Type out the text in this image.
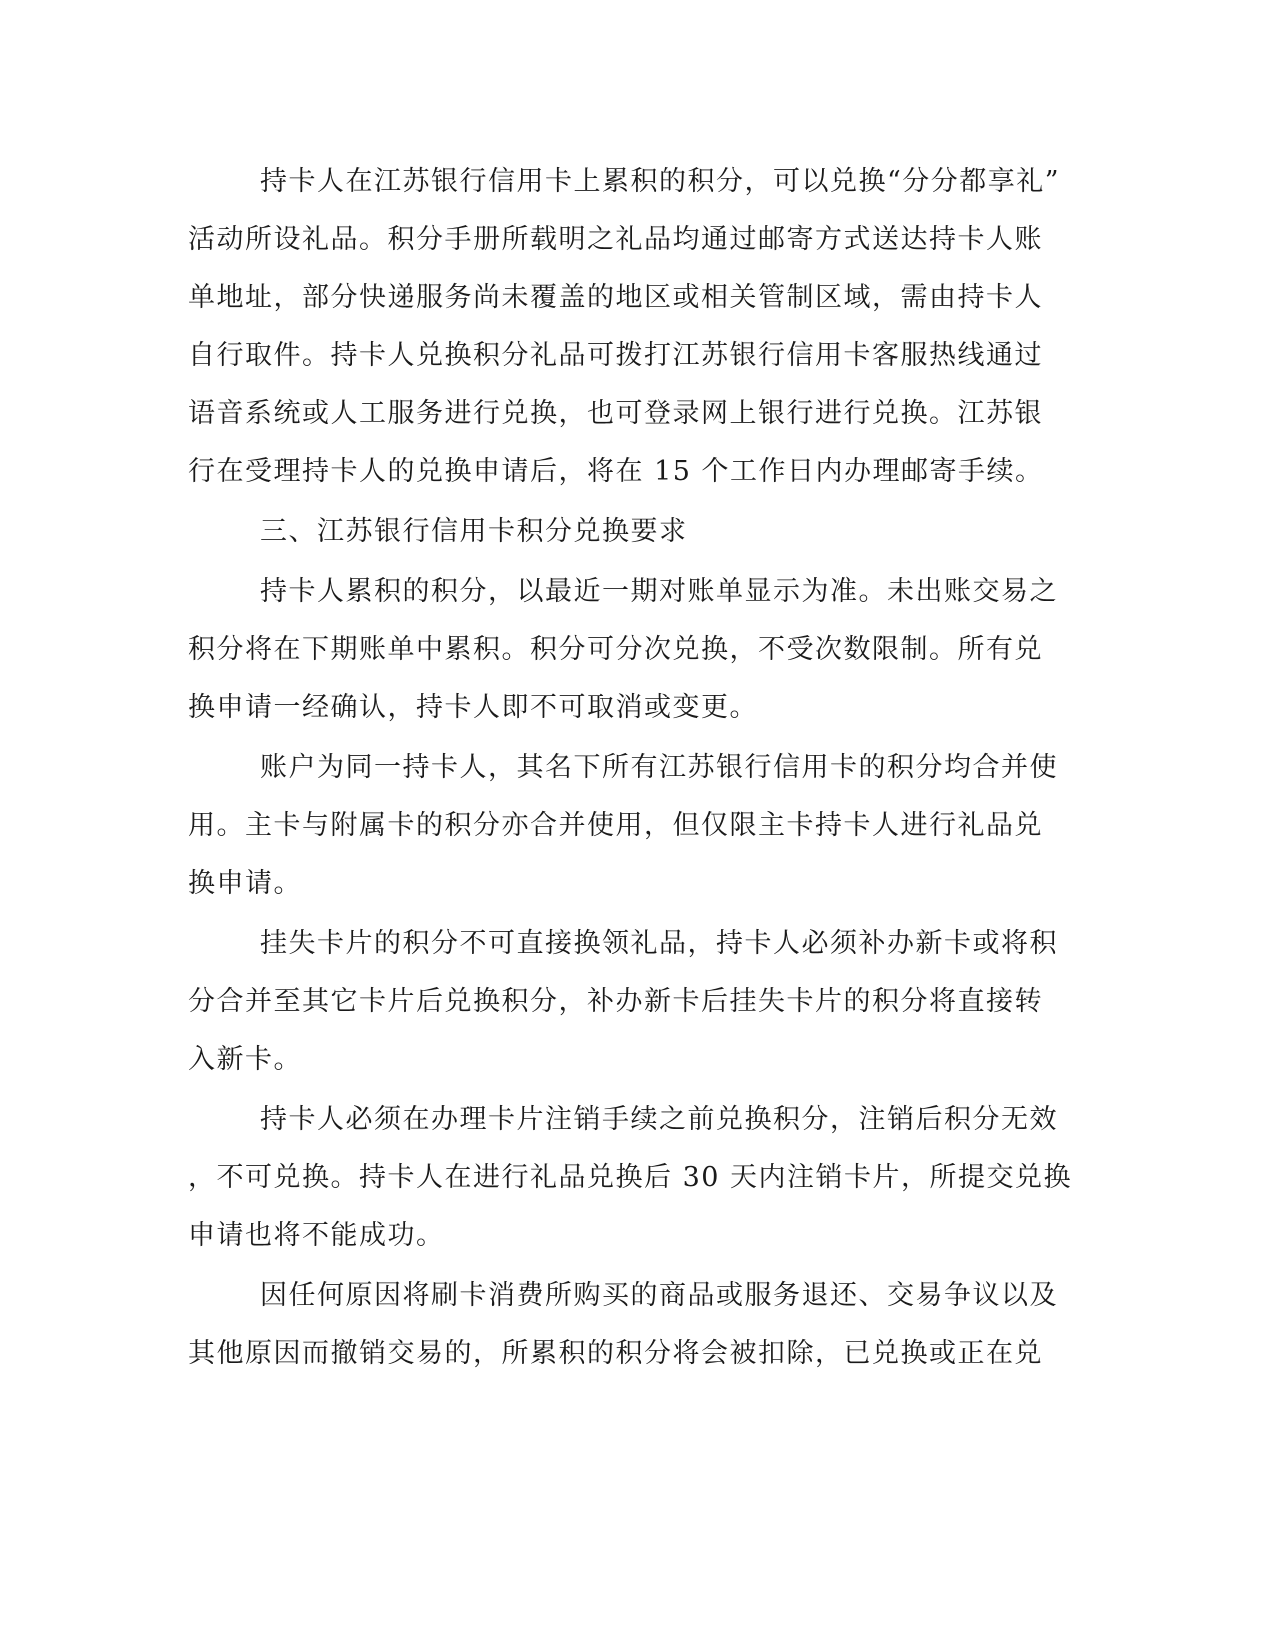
持卡人在江苏银行信用卡上累积的积分，可以兑换“分分都享礼”
活动所设礼品。积分手册所载明之礼品均通过邮寄方式送达持卡人账
单地址，部分快递服务尚未覆盖的地区或相关管制区域，需由持卡人
自行取件。持卡人兑换积分礼品可拨打江苏银行信用卡客服热线通过
语音系统或人工服务进行兑换，也可登录网上银行进行兑换。江苏银
行在受理持卡人的兑换申请后，将在 15 个工作日内办理邮寄手续。
三、江苏银行信用卡积分兑换要求
持卡人累积的积分，以最近一期对账单显示为准。未出账交易之
积分将在下期账单中累积。积分可分次兑换，不受次数限制。所有兑
换申请一经确认，持卡人即不可取消或变更。
账户为同一持卡人，其名下所有江苏银行信用卡的积分均合并使
用。主卡与附属卡的积分亦合并使用，但仅限主卡持卡人进行礼品兑
换申请。
挂失卡片的积分不可直接换领礼品，持卡人必须补办新卡或将积
分合并至其它卡片后兑换积分，补办新卡后挂失卡片的积分将直接转
入新卡。
持卡人必须在办理卡片注销手续之前兑换积分，注销后积分无效
，不可兑换。持卡人在进行礼品兑换后 30 天内注销卡片，所提交兑换
申请也将不能成功。
因任何原因将刷卡消费所购买的商品或服务退还、交易争议以及
其他原因而撤销交易的，所累积的积分将会被扣除，已兑换或正在兑
